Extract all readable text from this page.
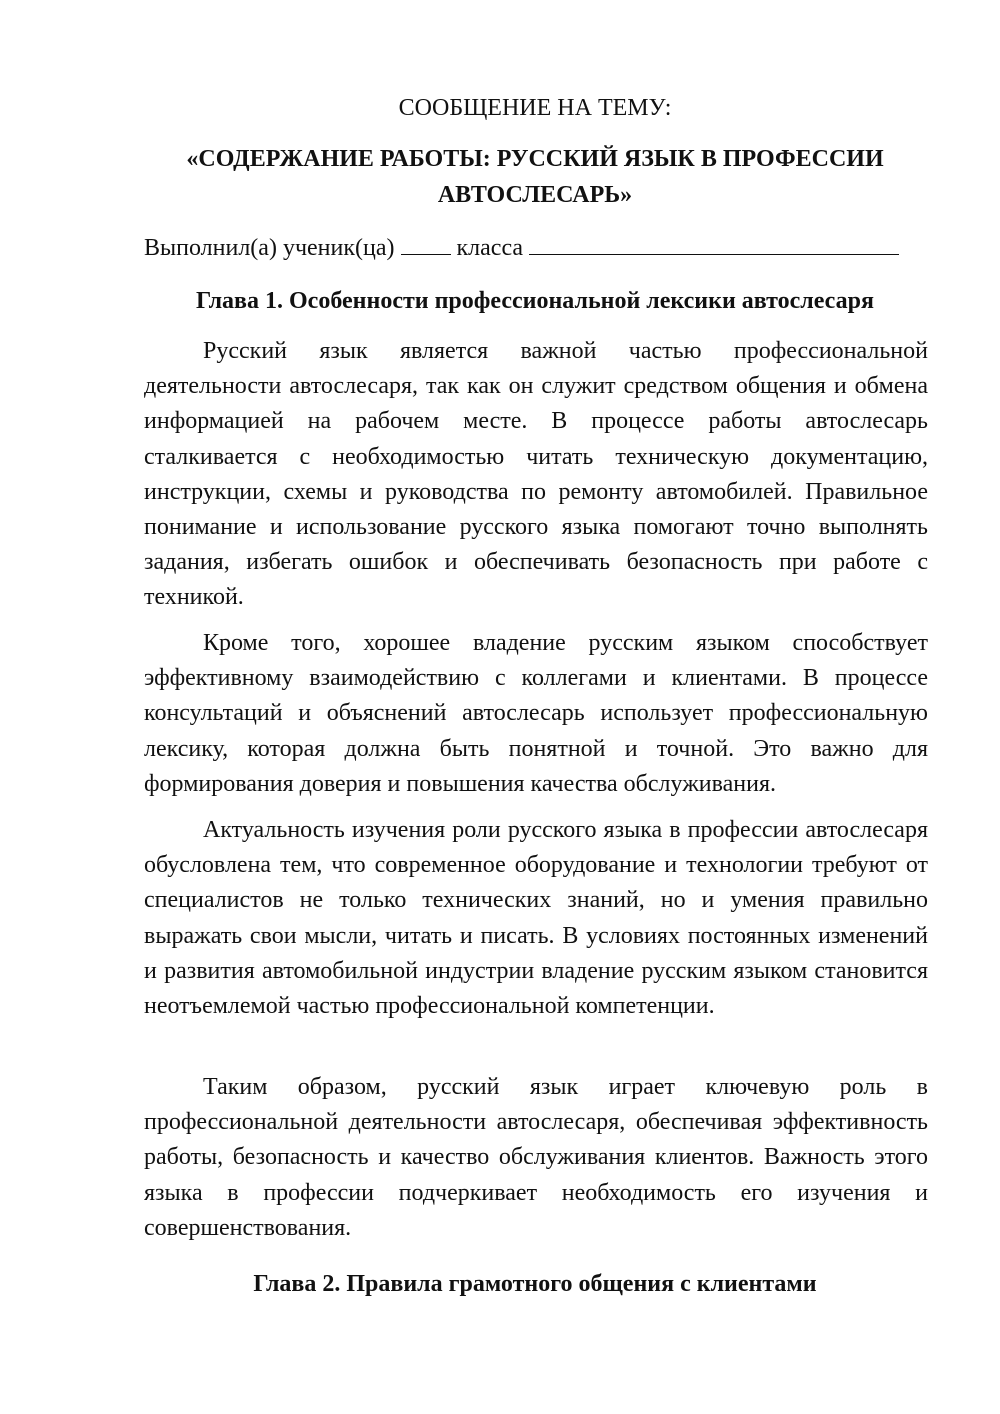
СООБЩЕНИЕ НА ТЕМУ:

«СОДЕРЖАНИЕ РАБОТЫ: РУССКИЙ ЯЗЫК В ПРОФЕССИИ
АВТОСЛЕСАРЬ»

Выполнил(а) ученик(ца)	класса
Глава 1. Особенности профессиональной лексики автослесаря

Русский язык является важной частью профессиональной деятельности автослесаря, так как он служит средством общения и обмена информацией на рабочем месте. В процессе работы автослесарь сталкивается с необходимостью читать техническую документацию, инструкции, схемы и руководства по ремонту автомобилей. Правильное понимание и использование русского языка помогают точно выполнять задания, избегать ошибок и обеспечивать безопасность при работе с техникой.

Кроме того, хорошее владение русским языком способствует эффективному взаимодействию с коллегами и клиентами. В процессе консультаций и объяснений автослесарь использует профессиональную лексику, которая должна быть понятной и точной. Это важно для формирования доверия и повышения качества обслуживания.

Актуальность изучения роли русского языка в профессии автослесаря обусловлена тем, что современное оборудование и технологии требуют от специалистов не только технических знаний, но и умения правильно выражать свои мысли, читать и писать. В условиях постоянных изменений и развития автомобильной индустрии владение русским языком становится неотъемлемой частью профессиональной компетенции.

Таким образом, русский язык играет ключевую роль в профессиональной деятельности автослесаря, обеспечивая эффективность работы, безопасность и качество обслуживания клиентов. Важность этого языка в профессии подчеркивает необходимость его изучения и совершенствования.

Глава 2. Правила грамотного общения с клиентами
